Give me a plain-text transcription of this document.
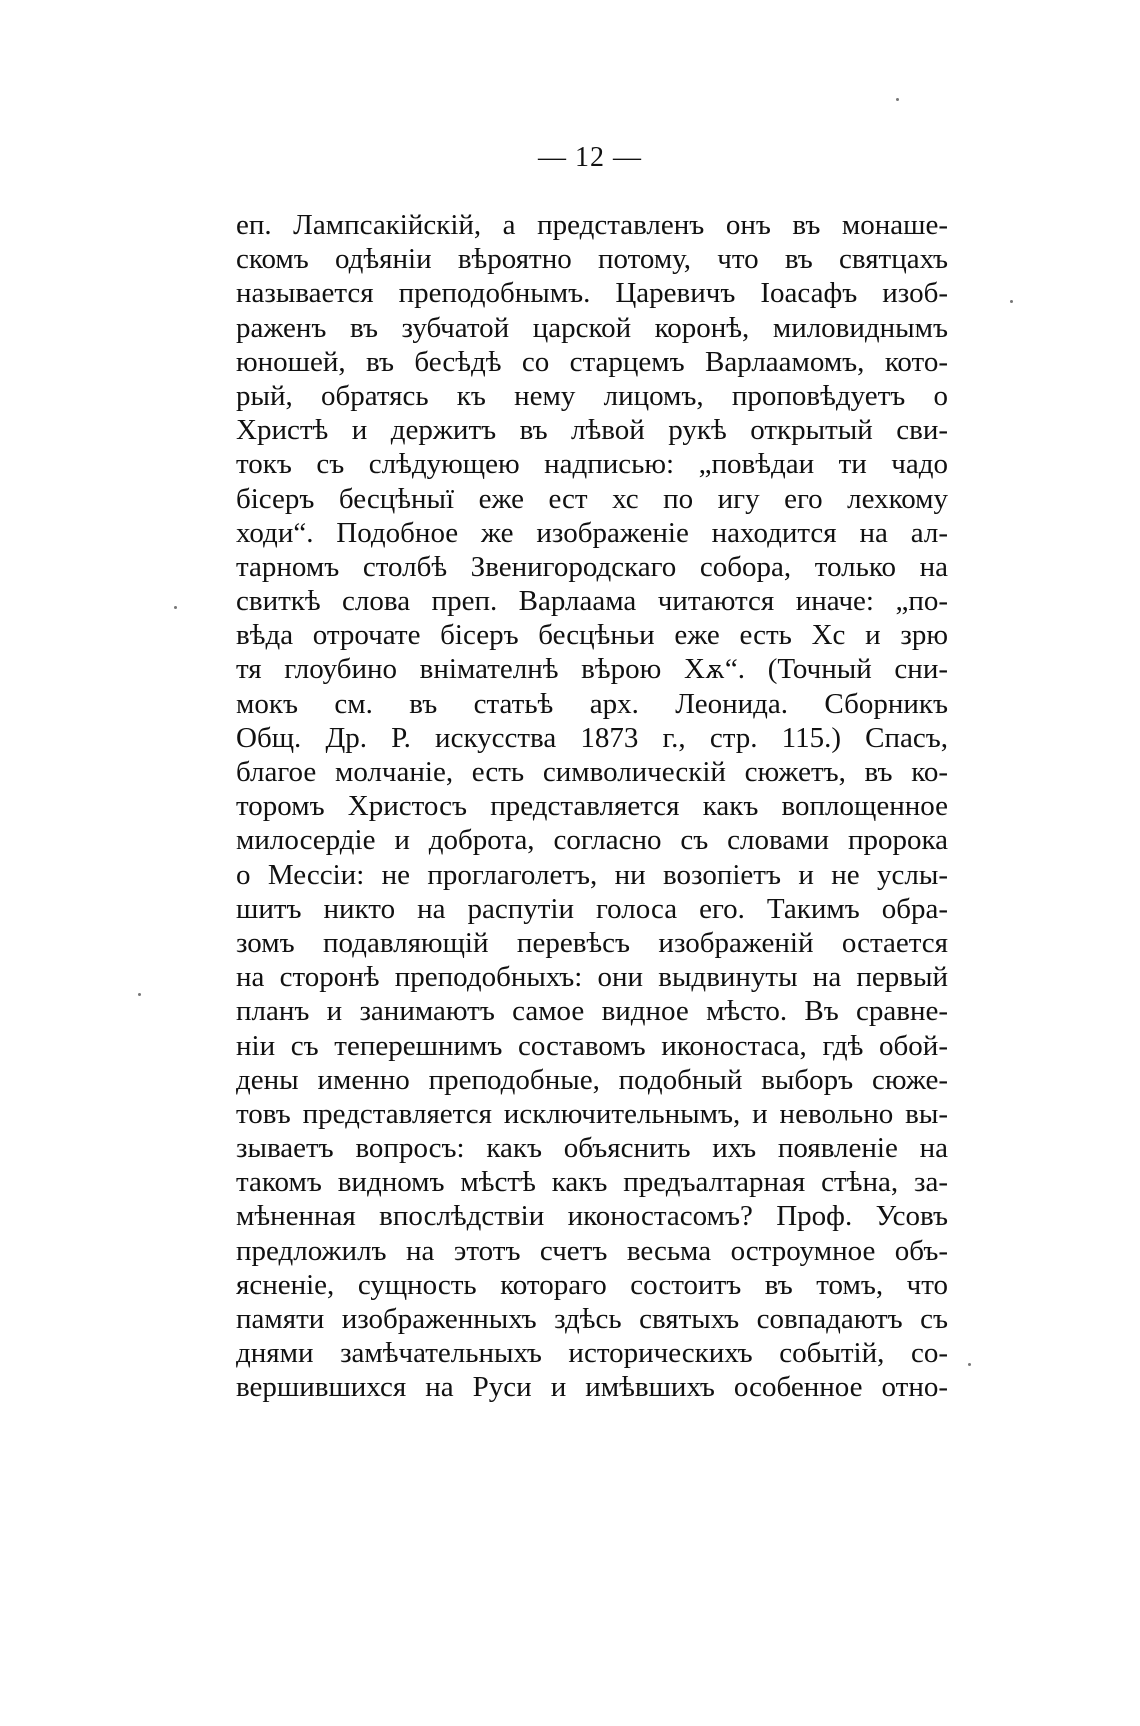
— 12 —
еп. Лампсакійскій, а представленъ онъ въ монаше-
скомъ одѣяніи вѣроятно потому, что въ святцахъ
называется преподобнымъ. Царевичъ Іоасафъ изоб-
раженъ въ зубчатой царской коронѣ, миловиднымъ
юношей, въ бесѣдѣ со старцемъ Варлаамомъ, кото-
рый, обратясь къ нему лицомъ, проповѣдуетъ о
Христѣ и держитъ въ лѣвой рукѣ открытый сви-
токъ съ слѣдующею надписью: „повѣдаи ти чадо
бісеръ бесцѣныї еже ест хс по игу его лехкому
ходи“. Подобное же изображеніе находится на ал-
тарномъ столбѣ Звенигородскаго собора, только на
свиткѣ слова преп. Варлаама читаются иначе: „по-
вѣда отрочате бісеръ бесцѣньи еже есть Хс и зрю
тя глоубино внімателнѣ вѣрою Хѫ“. (Точный сни-
мокъ см. въ статьѣ арх. Леонида. Сборникъ
Общ. Др. Р. искусства 1873 г., стр. 115.) Спасъ,
благое молчаніе, есть символическій сюжетъ, въ ко-
торомъ Христосъ представляется какъ воплощенное
милосердіе и доброта, согласно съ словами пророка
о Мессіи: не проглаголетъ, ни возопіетъ и не услы-
шитъ никто на распутіи голоса его. Такимъ обра-
зомъ подавляющій перевѣсъ изображеній остается
на сторонѣ преподобныхъ: они выдвинуты на первый
планъ и занимаютъ самое видное мѣсто. Въ сравне-
ніи съ теперешнимъ составомъ иконостаса, гдѣ обой-
дены именно преподобные, подобный выборъ сюже-
товъ представляется исключительнымъ, и невольно вы-
зываетъ вопросъ: какъ объяснить ихъ появленіе на
такомъ видномъ мѣстѣ какъ предъалтарная стѣна, за-
мѣненная впослѣдствіи иконостасомъ? Проф. Усовъ
предложилъ на этотъ счетъ весьма остроумное объ-
ясненіе, сущность котораго состоитъ въ томъ, что
памяти изображенныхъ здѣсь святыхъ совпадаютъ съ
днями замѣчательныхъ историческихъ событій, со-
вершившихся на Руси и имѣвшихъ особенное отно-
